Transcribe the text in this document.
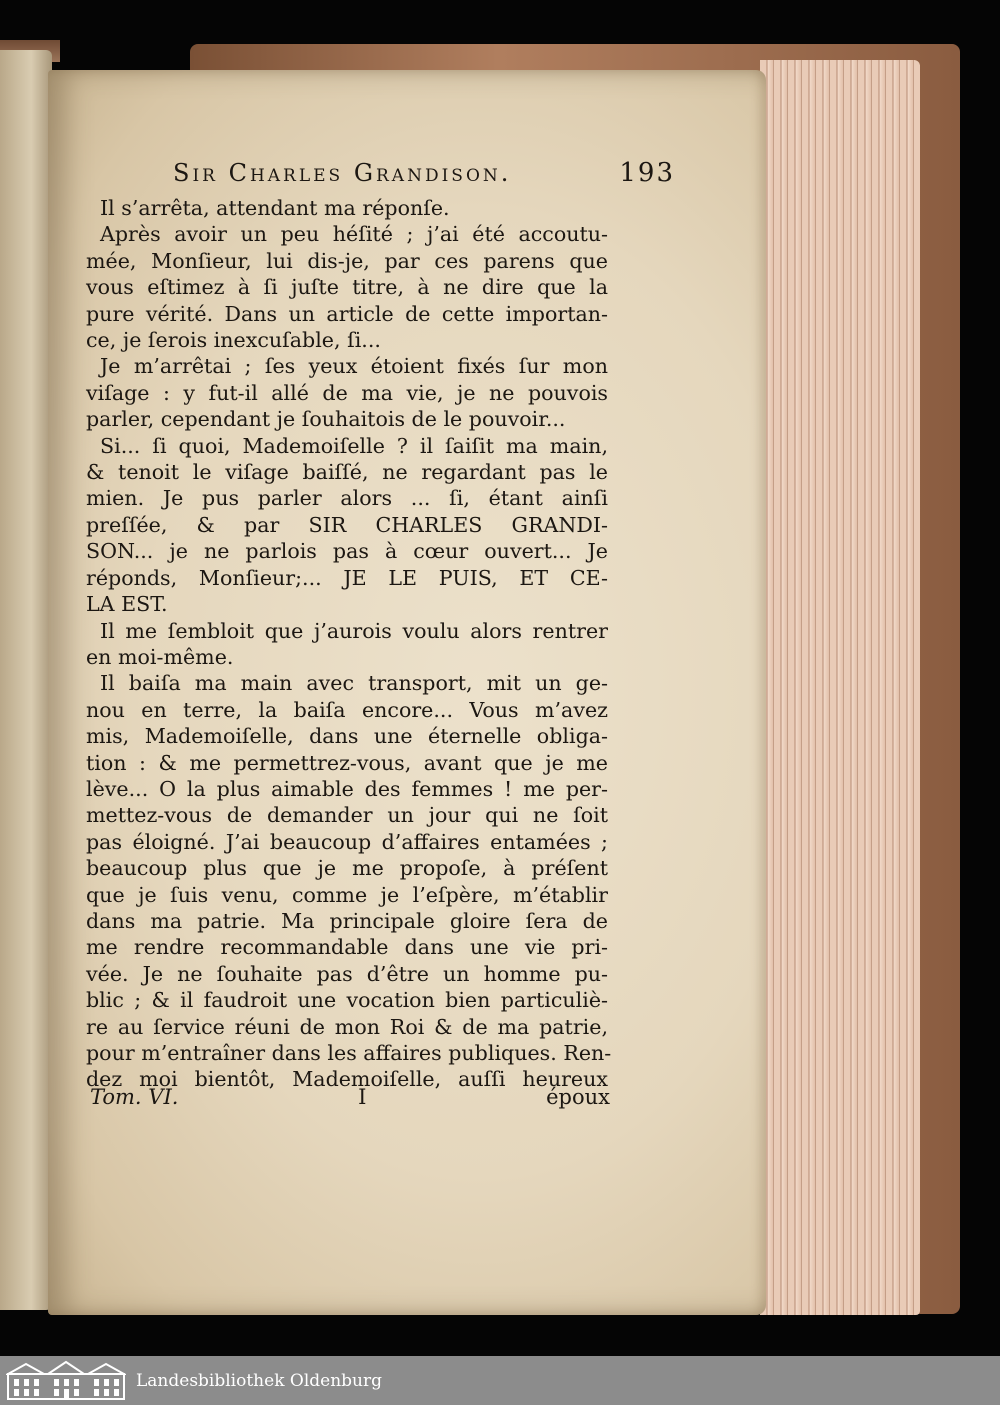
Sir Charles Grandison.	193
Il s’arrêta, attendant ma réponſe.
Après avoir un peu héſité ; j’ai été accoutu-
mée, Monſieur, lui dis-je, par ces parens que
vous eſtimez à ſi juſte titre, à ne dire que la
pure vérité. Dans un article de cette importan-
ce, je ſerois inexcuſable, ſi...
Je m’arrêtai ; ſes yeux étoient fixés ſur mon
viſage : y fut-il allé de ma vie, je ne pouvois
parler, cependant je ſouhaitois de le pouvoir...
Si... ſi quoi, Mademoiſelle ? il ſaiſit ma main,
& tenoit le viſage baiſſé, ne regardant pas le
mien. Je pus parler alors ... ſi, étant ainſi
preſſée, & par SIR CHARLES GRANDI-
SON... je ne parlois pas à cœur ouvert... Je
réponds, Monſieur;... JE LE PUIS, ET CE-
LA EST.
Il me ſembloit que j’aurois voulu alors rentrer
en moi-même.
Il baiſa ma main avec transport, mit un ge-
nou en terre, la baiſa encore... Vous m’avez
mis, Mademoiſelle, dans une éternelle obliga-
tion : & me permettrez-vous, avant que je me
lève... O la plus aimable des femmes ! me per-
mettez-vous de demander un jour qui ne ſoit
pas éloigné. J’ai beaucoup d’affaires entamées ;
beaucoup plus que je me propoſe, à préſent
que je ſuis venu, comme je l’eſpère, m’établir
dans ma patrie. Ma principale gloire ſera de
me rendre recommandable dans une vie pri-
vée. Je ne ſouhaite pas d’être un homme pu-
blic ; & il faudroit une vocation bien particuliè-
re au ſervice réuni de mon Roi & de ma patrie,
pour m’entraîner dans les affaires publiques. Ren-
dez moi bientôt, Mademoiſelle, auſſi heureux
Tom. VI.	I	époux
Landesbibliothek Oldenburg
